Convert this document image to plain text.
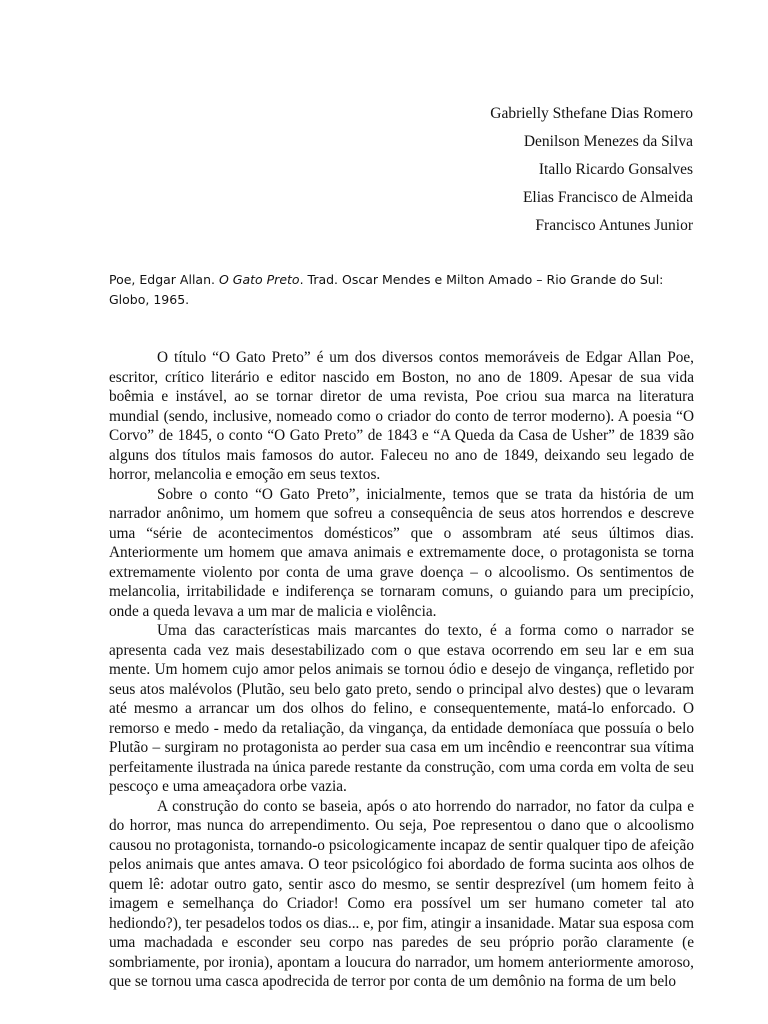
Gabrielly Sthefane Dias Romero
Denilson Menezes da Silva
Itallo Ricardo Gonsalves
Elias Francisco de Almeida
Francisco Antunes Junior
Poe, Edgar Allan. O Gato Preto. Trad. Oscar Mendes e Milton Amado – Rio Grande do Sul: Globo, 1965.

O título “O Gato Preto” é um dos diversos contos memoráveis de Edgar Allan Poe, escritor, crítico literário e editor nascido em Boston, no ano de 1809. Apesar de sua vida boêmia e instável, ao se tornar diretor de uma revista, Poe criou sua marca na literatura mundial (sendo, inclusive, nomeado como o criador do conto de terror moderno). A poesia “O Corvo” de 1845, o conto “O Gato Preto” de 1843 e “A Queda da Casa de Usher” de 1839 são alguns dos títulos mais famosos do autor. Faleceu no ano de 1849, deixando seu legado de horror, melancolia e emoção em seus textos.

Sobre o conto “O Gato Preto”, inicialmente, temos que se trata da história de um narrador anônimo, um homem que sofreu a consequência de seus atos horrendos e descreve uma “série de acontecimentos domésticos” que o assombram até seus últimos dias. Anteriormente um homem que amava animais e extremamente doce, o protagonista se torna extremamente violento por conta de uma grave doença – o alcoolismo. Os sentimentos de melancolia, irritabilidade e indiferença se tornaram comuns, o guiando para um precipício, onde a queda levava a um mar de malicia e violência.

Uma das características mais marcantes do texto, é a forma como o narrador se apresenta cada vez mais desestabilizado com o que estava ocorrendo em seu lar e em sua mente. Um homem cujo amor pelos animais se tornou ódio e desejo de vingança, refletido por seus atos malévolos (Plutão, seu belo gato preto, sendo o principal alvo destes) que o levaram até mesmo a arrancar um dos olhos do felino, e consequentemente, matá-lo enforcado. O remorso e medo - medo da retaliação, da vingança, da entidade demoníaca que possuía o belo Plutão – surgiram no protagonista ao perder sua casa em um incêndio e reencontrar sua vítima perfeitamente ilustrada na única parede restante da construção, com uma corda em volta de seu pescoço e uma ameaçadora orbe vazia.

A construção do conto se baseia, após o ato horrendo do narrador, no fator da culpa e do horror, mas nunca do arrependimento. Ou seja, Poe representou o dano que o alcoolismo causou no protagonista, tornando-o psicologicamente incapaz de sentir qualquer tipo de afeição pelos animais que antes amava. O teor psicológico foi abordado de forma sucinta aos olhos de quem lê: adotar outro gato, sentir asco do mesmo, se sentir desprezível (um homem feito à imagem e semelhança do Criador! Como era possível um ser humano cometer tal ato hediondo?), ter pesadelos todos os dias... e, por fim, atingir a insanidade. Matar sua esposa com uma machadada e esconder seu corpo nas paredes de seu próprio porão claramente (e sombriamente, por ironia), apontam a loucura do narrador, um homem anteriormente amoroso, que se tornou uma casca apodrecida de terror por conta de um demônio na forma de um belo
